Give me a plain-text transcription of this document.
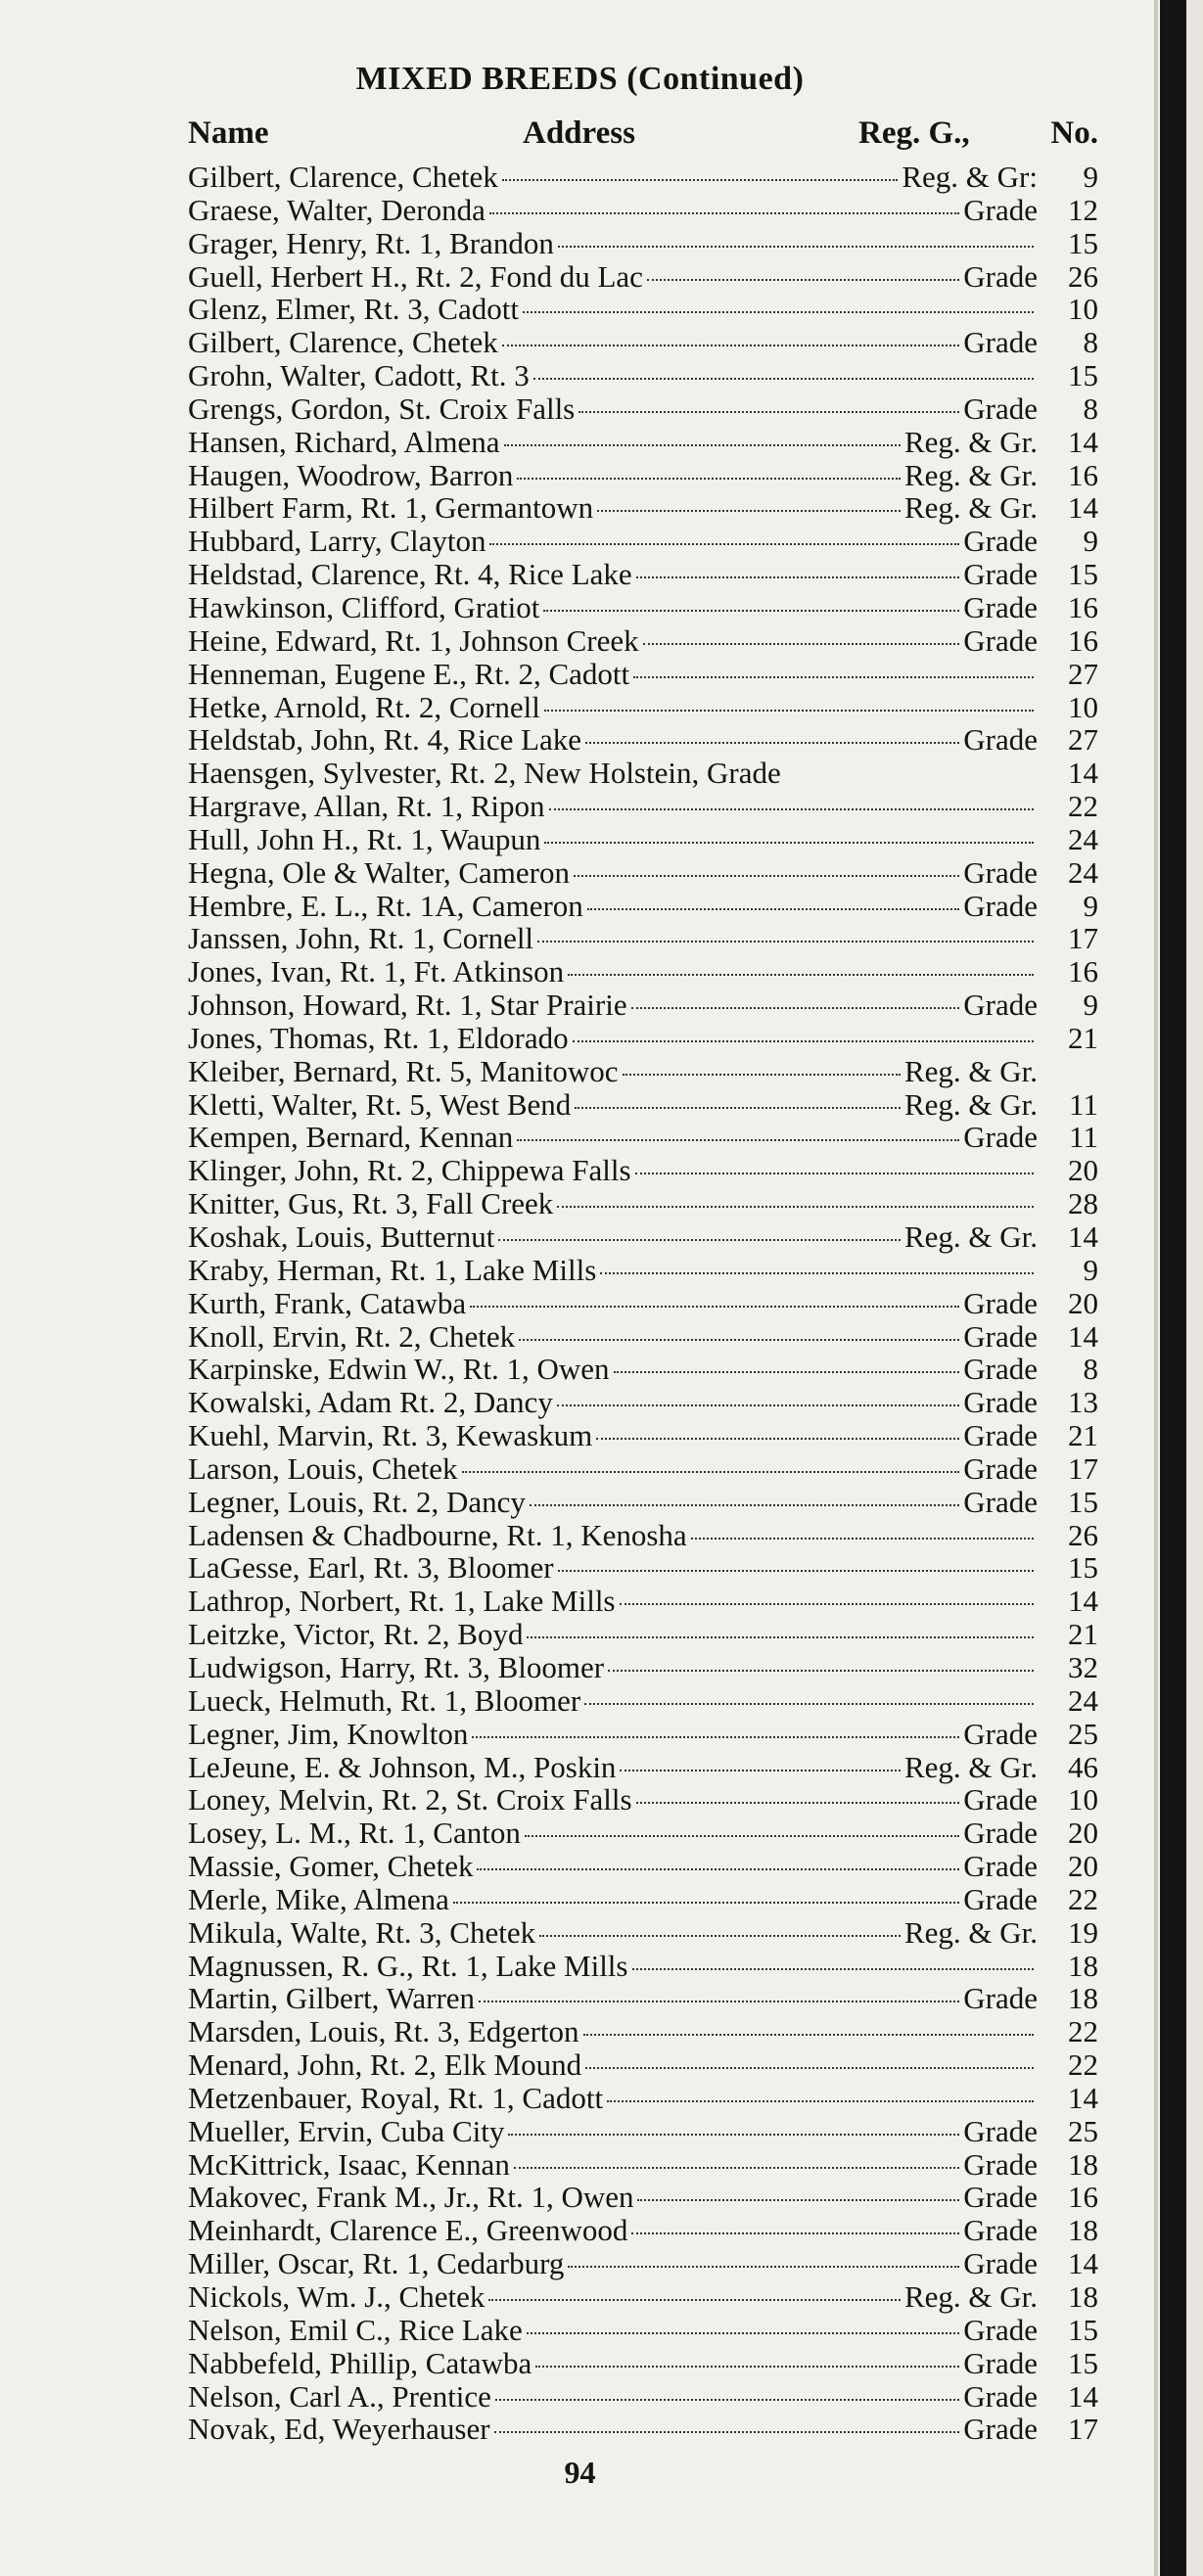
MIXED BREEDS (Continued)
Name	Address	Reg. G.,	No.
Gilbert, Clarence, Chetek	Reg. & Gr:	9
Graese, Walter, Deronda	Grade	12
Grager, Henry, Rt. 1, Brandon	15
Guell, Herbert H., Rt. 2, Fond du Lac	Grade	26
Glenz, Elmer, Rt. 3, Cadott	10
Gilbert, Clarence, Chetek	Grade	8
Grohn, Walter, Cadott, Rt. 3	15
Grengs, Gordon, St. Croix Falls	Grade	8
Hansen, Richard, Almena	Reg. & Gr.	14
Haugen, Woodrow, Barron	Reg. & Gr.	16
Hilbert Farm, Rt. 1, Germantown	Reg. & Gr.	14
Hubbard, Larry, Clayton	Grade	9
Heldstad, Clarence, Rt. 4, Rice Lake	Grade	15
Hawkinson, Clifford, Gratiot	Grade	16
Heine, Edward, Rt. 1, Johnson Creek	Grade	16
Henneman, Eugene E., Rt. 2, Cadott	27
Hetke, Arnold, Rt. 2, Cornell	10
Heldstab, John, Rt. 4, Rice Lake	Grade	27
Haensgen, Sylvester, Rt. 2, New Holstein, Grade	14
Hargrave, Allan, Rt. 1, Ripon	22
Hull, John H., Rt. 1, Waupun	24
Hegna, Ole & Walter, Cameron	Grade	24
Hembre, E. L., Rt. 1A, Cameron	Grade	9
Janssen, John, Rt. 1, Cornell	17
Jones, Ivan, Rt. 1, Ft. Atkinson	16
Johnson, Howard, Rt. 1, Star Prairie	Grade	9
Jones, Thomas, Rt. 1, Eldorado	21
Kleiber, Bernard, Rt. 5, Manitowoc	Reg. & Gr.
Kletti, Walter, Rt. 5, West Bend	Reg. & Gr.	11
Kempen, Bernard, Kennan	Grade	11
Klinger, John, Rt. 2, Chippewa Falls	20
Knitter, Gus, Rt. 3, Fall Creek	28
Koshak, Louis, Butternut	Reg. & Gr.	14
Kraby, Herman, Rt. 1, Lake Mills	9
Kurth, Frank, Catawba	Grade	20
Knoll, Ervin, Rt. 2, Chetek	Grade	14
Karpinske, Edwin W., Rt. 1, Owen	Grade	8
Kowalski, Adam Rt. 2, Dancy	Grade	13
Kuehl, Marvin, Rt. 3, Kewaskum	Grade	21
Larson, Louis, Chetek	Grade	17
Legner, Louis, Rt. 2, Dancy	Grade	15
Ladensen & Chadbourne, Rt. 1, Kenosha	26
LaGesse, Earl, Rt. 3, Bloomer	15
Lathrop, Norbert, Rt. 1, Lake Mills	14
Leitzke, Victor, Rt. 2, Boyd	21
Ludwigson, Harry, Rt. 3, Bloomer	32
Lueck, Helmuth, Rt. 1, Bloomer	24
Legner, Jim, Knowlton	Grade	25
LeJeune, E. & Johnson, M., Poskin	Reg. & Gr.	46
Loney, Melvin, Rt. 2, St. Croix Falls	Grade	10
Losey, L. M., Rt. 1, Canton	Grade	20
Massie, Gomer, Chetek	Grade	20
Merle, Mike, Almena	Grade	22
Mikula, Walte, Rt. 3, Chetek	Reg. & Gr.	19
Magnussen, R. G., Rt. 1, Lake Mills	18
Martin, Gilbert, Warren	Grade	18
Marsden, Louis, Rt. 3, Edgerton	22
Menard, John, Rt. 2, Elk Mound	22
Metzenbauer, Royal, Rt. 1, Cadott	14
Mueller, Ervin, Cuba City	Grade	25
McKittrick, Isaac, Kennan	Grade	18
Makovec, Frank M., Jr., Rt. 1, Owen	Grade	16
Meinhardt, Clarence E., Greenwood	Grade	18
Miller, Oscar, Rt. 1, Cedarburg	Grade	14
Nickols, Wm. J., Chetek	Reg. & Gr.	18
Nelson, Emil C., Rice Lake	Grade	15
Nabbefeld, Phillip, Catawba	Grade	15
Nelson, Carl A., Prentice	Grade	14
Novak, Ed, Weyerhauser	Grade	17
94
